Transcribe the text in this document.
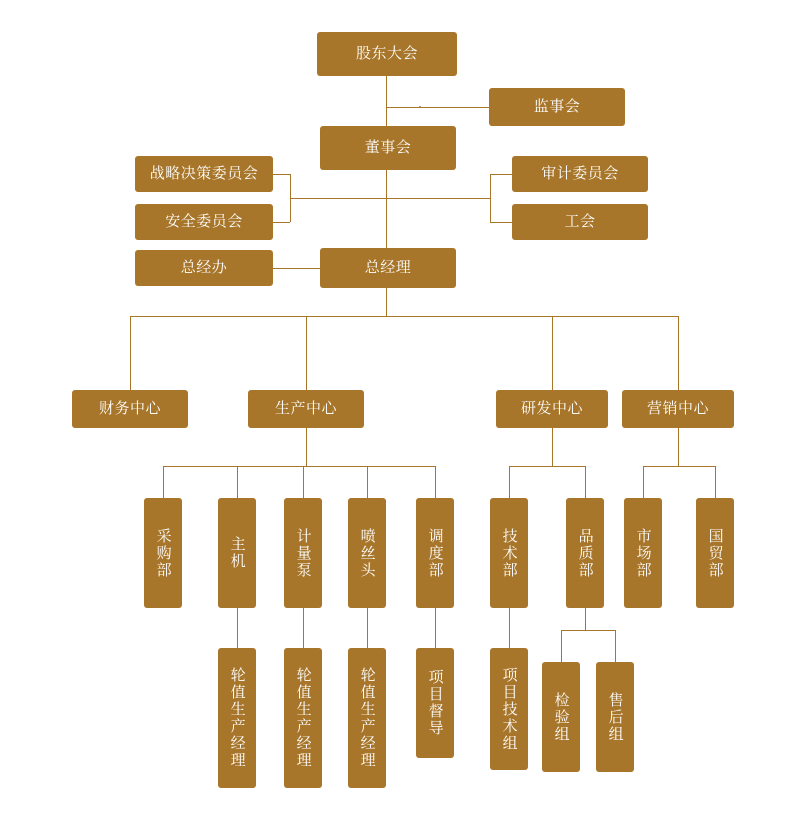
股东大会
监事会
董事会
战略决策委员会
安全委员会
审计委员会
工会
总经办	总经理
财务中心	生产中心	研发中心	营销中心
采购部	主机	计量泵	喷丝头	调度部	技术部	品质部	市场部	国贸部
轮值生产经理	轮值生产经理	轮值生产经理	项目督导	项目技术组 检验组 售后组
